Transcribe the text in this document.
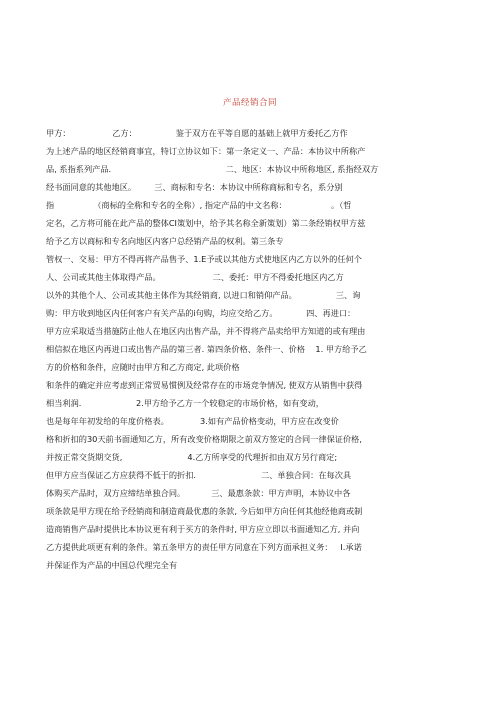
产品经销合同
甲方：                乙方：               鉴于双方在平等自愿的基础上就甲方委托乙方作
为上述产品的地区经销商事宜，特订立协议如下：第一条定义一、产品：本协议中所称产
品, 系指系列产品.                                            二、地区：本协议中所称地区, 系指经双方
经书面同意的其他地区。       三、商标和专名：本协议中所称商标和专名，系分别
指               （商标的全称和专名的全称）, 指定产品的中文名称：                 。（哲
定名，乙方将可能在此产品的整体CI策划中，给予其名称全新策划）第二条经销权甲方兹
给予乙方以商标和专名向地区内客户总经销产品的权利。第三条专
管权一、交易：甲方不得再将产品售予、1.E予或以其他方式使地区内乙方以外的任何个
人、公司或其他主体取得产品。                    二、委托：甲方不得委托地区内乙方
以外的其他个人、公司或其他主体作为其经销商, 以进口和销仰产品。               三、询
购：甲方收到地区内任何客户有关产品的i句购，均应交给乙方。           四、再进口：
甲方应采取适当措施防止他人在地区内出售产品，并不得将产品卖给甲方知道的或有理由
相信拟在地区内再进口或出售产品的第三者. 第四条价格、条件一、价格    1. 甲方给予乙
方的价格和条件，应随时由甲方和乙方商定, 此项价格
和条件的确定并应考虑到正常贸易惯例及经常存在的市场竞争情况, 使双方从销售中获得
相当利润.                     2.甲方给予乙方一个较稳定的市场价格，如有变动，
也是每年年初发给的年度价格表。            3.如有产品价格变动，甲方应在改变价
格和折扣的30天前书面通知乙方，所有改变价格期限之前双方签定的合同一律保证价格,
并按正常交货期交货,                         4.乙方所享受的代理折扣由双方另行商定;
但甲方应当保证乙方应获得不低于的折扣.                         二、单独合同：在每次具
体购买产品时，双方应缔结单独合同。          三、最惠条款：甲方声明，本协议中各
项条款是甲方现在给予经销商和制造商最优惠的条款, 今后如甲方向任何其他经他商或制
造商销售产品时提供比本协议更有利于买方的条件时, 甲方应立即以书面通知乙方, 并向
乙方提供此项更有利的条件。第五条甲方的责任甲方同意在下列方面承担义务：   I.承诺
并保证作为产品的中国总代理完全有
